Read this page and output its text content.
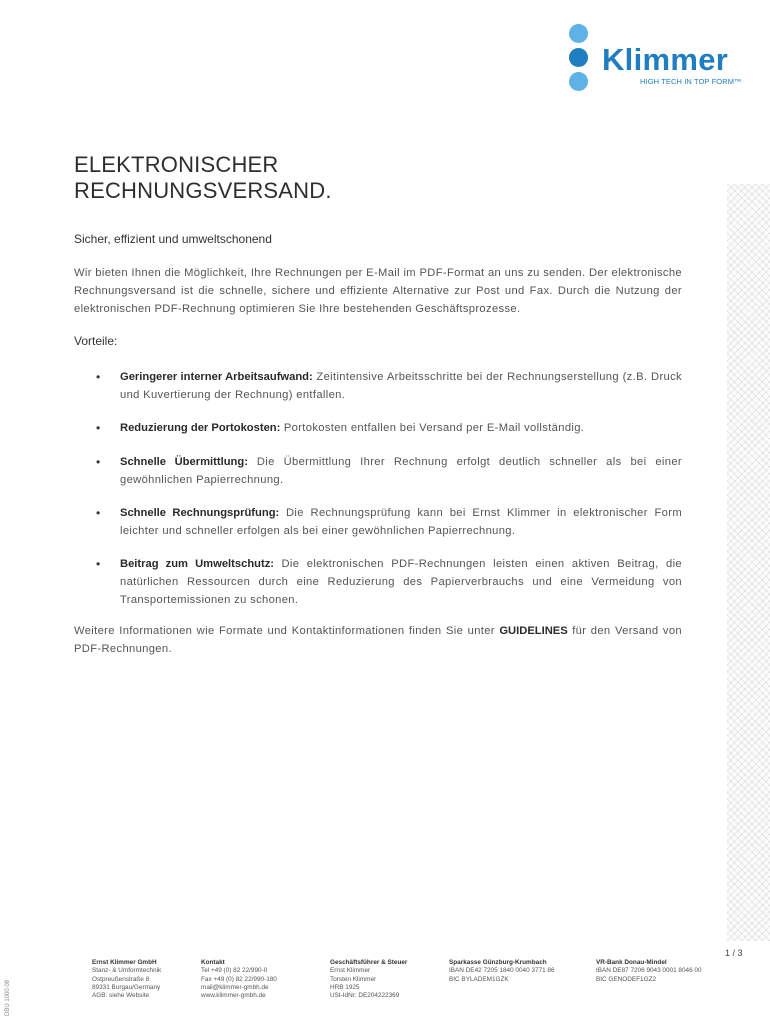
Klimmer
HIGH TECH IN TOP FORM™
ELEKTRONISCHER
RECHNUNGSVERSAND.
Sicher, effizient und umweltschonend
Wir bieten Ihnen die Möglichkeit, Ihre Rechnungen per E-Mail im PDF-Format an uns zu senden. Der elektronische Rechnungsversand ist die schnelle, sichere und effiziente Alternative zur Post und Fax. Durch die Nutzung der elektronischen PDF-Rechnung optimieren Sie Ihre bestehenden Geschäftsprozesse.
Vorteile:
• Geringerer interner Arbeitsaufwand: Zeitintensive Arbeitsschritte bei der Rechnungserstellung (z.B. Druck und Kuvertierung der Rechnung) entfallen.
• Reduzierung der Portokosten: Portokosten entfallen bei Versand per E-Mail vollständig.
• Schnelle Übermittlung: Die Übermittlung Ihrer Rechnung erfolgt deutlich schneller als bei einer gewöhnlichen Papierrechnung.
• Schnelle Rechnungsprüfung: Die Rechnungsprüfung kann bei Ernst Klimmer in elektronischer Form leichter und schneller erfolgen als bei einer gewöhnlichen Papierrechnung.
• Beitrag zum Umweltschutz: Die elektronischen PDF-Rechnungen leisten einen aktiven Beitrag, die natürlichen Ressourcen durch eine Reduzierung des Papierverbrauchs und eine Vermeidung von Transportemissionen zu schonen.
Weitere Informationen wie Formate und Kontaktinformationen finden Sie unter GUIDELINES für den Versand von PDF-Rechnungen.
1 / 3
Ernst Klimmer GmbH
Stanz- & Umformtechnik
Ostpreußenstraße 8
89331 Burgau/Germany
AGB: siehe Website
Kontakt
Tel +49 (0) 82 22/990-0
Fax +49 (0) 82 22/990-180
mail@klimmer-gmbh.de
www.klimmer-gmbh.de
Geschäftsführer & Steuer
Ernst Klimmer
Torsten Klimmer
HRB 1925
USt-IdNr: DE204222369
Sparkasse Günzburg-Krumbach
IBAN DE42 7205 1840 0040 3771 86
BIC BYLADEM1GZK
VR-Bank Donau-Mindel
IBAN DE87 7206 9043 0001 8046 00
BIC GENODEF1GZ2
DBU 1000 08
